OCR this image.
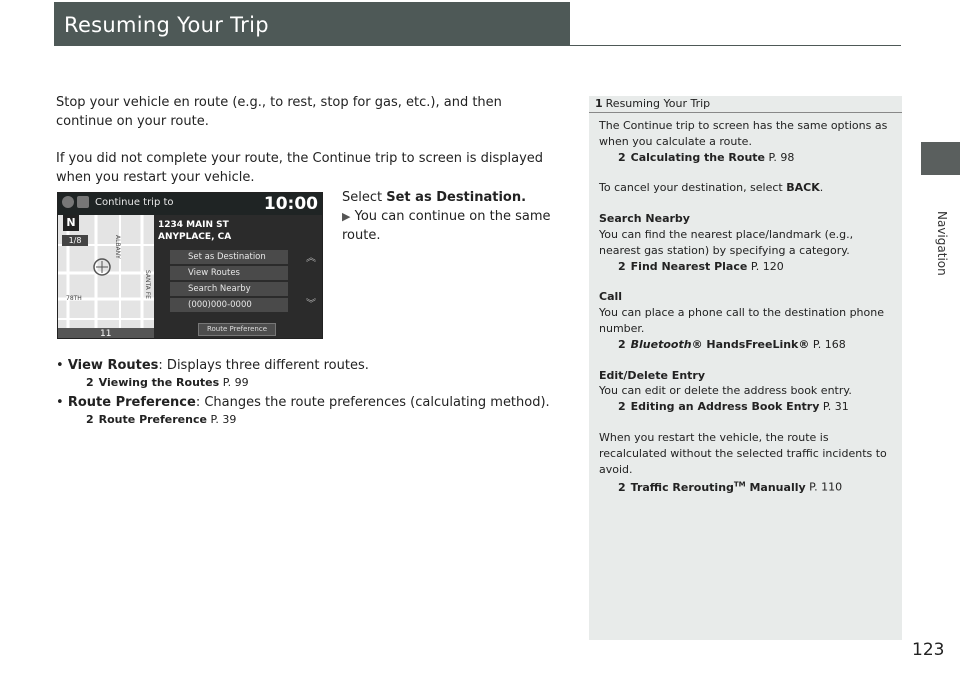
Resuming Your Trip
Navigation

Stop your vehicle en route (e.g., to rest, stop for gas, etc.), and then continue on your route.

If you did not complete your route, the Continue trip to screen is displayed when you restart your vehicle.

N
1/8	ALBANY
SANTA FE
78TH
11
Continue trip to	10:00
1234 MAIN ST
ANYPLACE, CA
Set as Destination
View Routes
Search Nearby
(000)000-0000
︽
︾
Route Preference
Select Set as Destination.
▶ You can continue on the same route.
• View Routes: Displays three different routes.
2 Viewing the Routes P. 99
• Route Preference: Changes the route preferences (calculating method).
2 Route Preference P. 39
1 Resuming Your Trip
The Continue trip to screen has the same options as when you calculate a route.
2 Calculating the Route P. 98
To cancel your destination, select BACK.
Search Nearby
You can find the nearest place/landmark (e.g., nearest gas station) by specifying a category.
2 Find Nearest Place P. 120
Call
You can place a phone call to the destination phone number.
2 Bluetooth® HandsFreeLink® P. 168
Edit/Delete Entry
You can edit or delete the address book entry.
2 Editing an Address Book Entry P. 31
When you restart the vehicle, the route is recalculated without the selected traffic incidents to avoid.
2 Traffic Rerouting™ Manually P. 110
123
